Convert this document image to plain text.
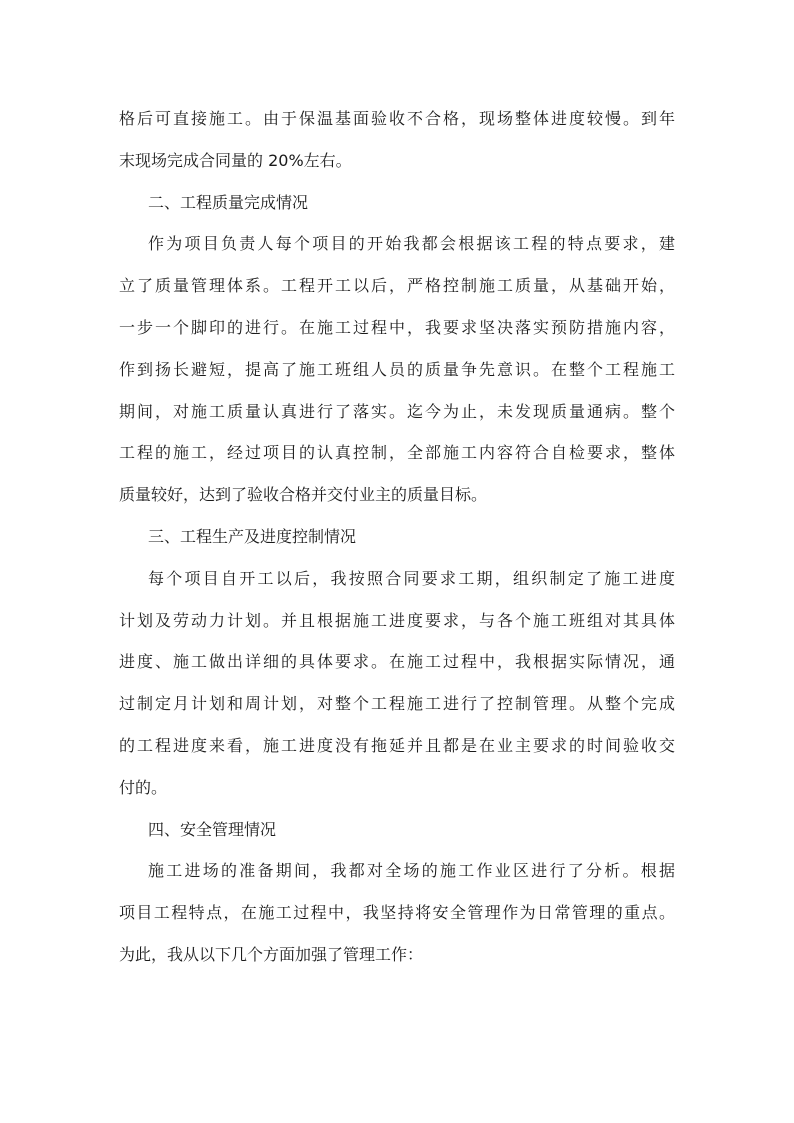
格后可直接施工。由于保温基面验收不合格，现场整体进度较慢。到年
末现场完成合同量的 20%左右。
二、工程质量完成情况
作为项目负责人每个项目的开始我都会根据该工程的特点要求，建
立了质量管理体系。工程开工以后，严格控制施工质量，从基础开始，
一步一个脚印的进行。在施工过程中，我要求坚决落实预防措施内容，
作到扬长避短，提高了施工班组人员的质量争先意识。在整个工程施工
期间，对施工质量认真进行了落实。迄今为止，未发现质量通病。整个
工程的施工，经过项目的认真控制，全部施工内容符合自检要求，整体
质量较好，达到了验收合格并交付业主的质量目标。
三、工程生产及进度控制情况
每个项目自开工以后，我按照合同要求工期，组织制定了施工进度
计划及劳动力计划。并且根据施工进度要求，与各个施工班组对其具体
进度、施工做出详细的具体要求。在施工过程中，我根据实际情况，通
过制定月计划和周计划，对整个工程施工进行了控制管理。从整个完成
的工程进度来看，施工进度没有拖延并且都是在业主要求的时间验收交
付的。
四、安全管理情况
施工进场的准备期间，我都对全场的施工作业区进行了分析。根据
项目工程特点，在施工过程中，我坚持将安全管理作为日常管理的重点。
为此，我从以下几个方面加强了管理工作：
